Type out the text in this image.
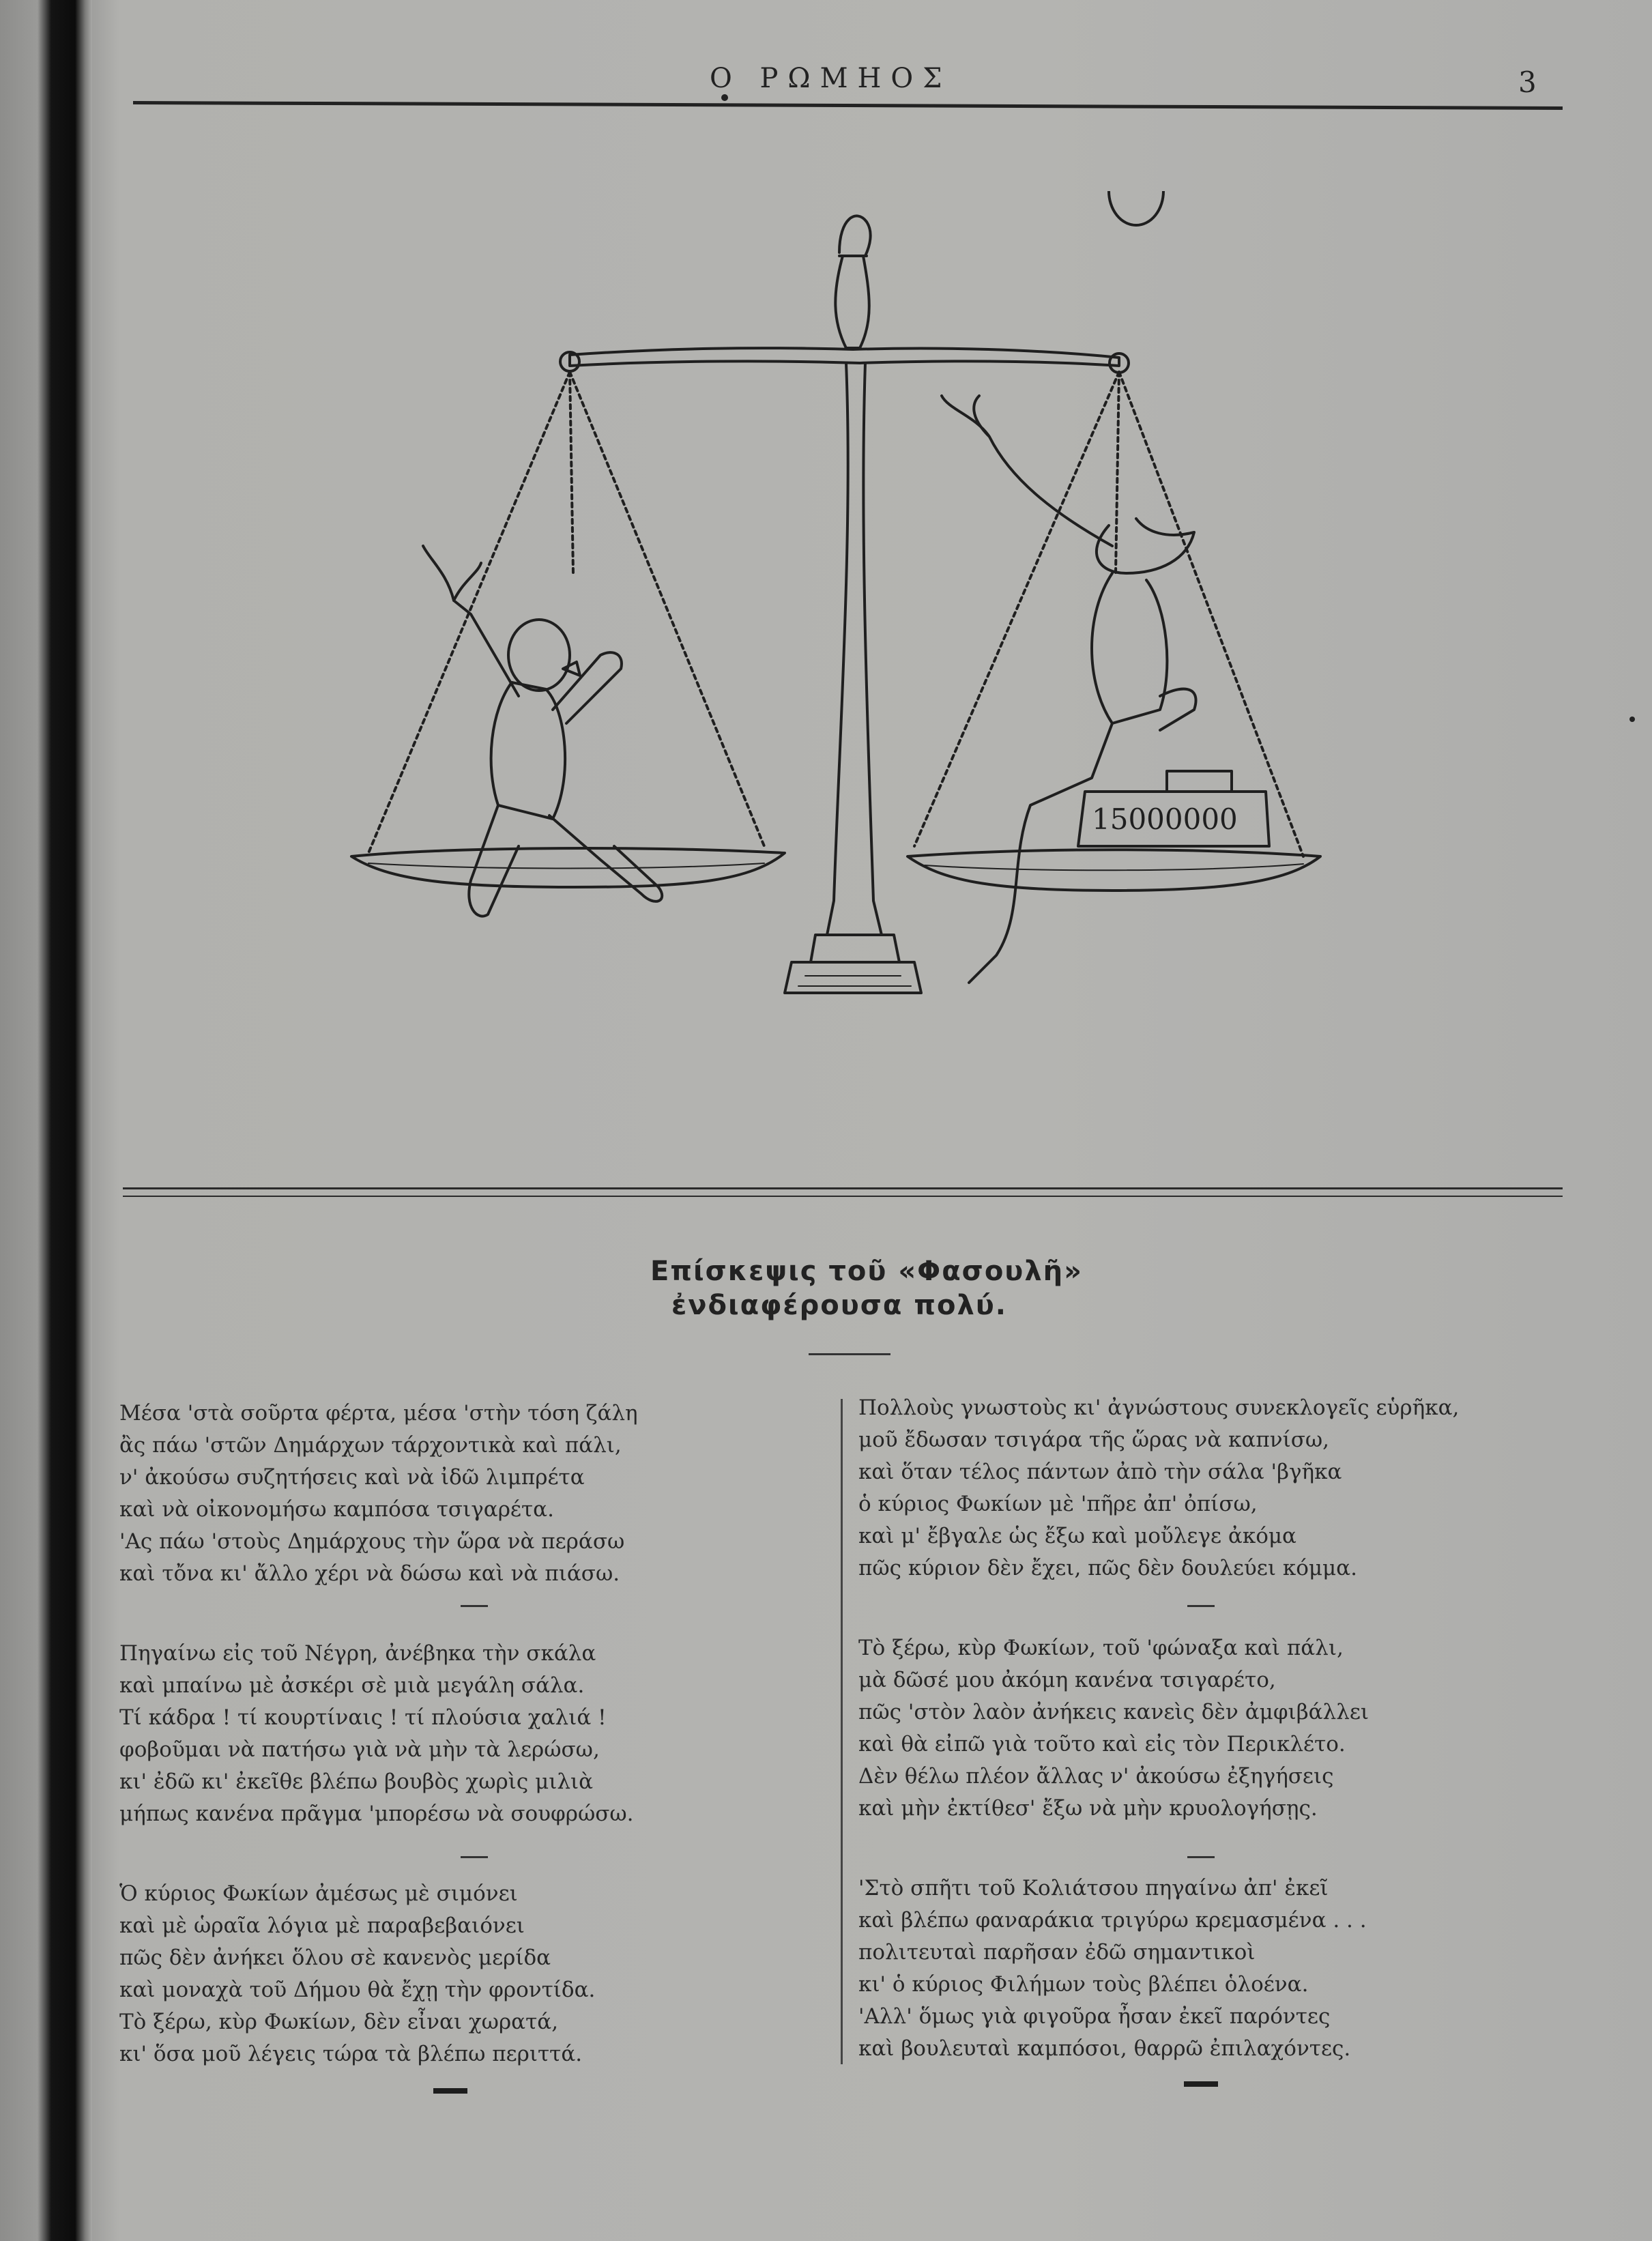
Ο ΡΩΜΗΟΣ	3
15000000
Επίσκεψις τοῦ «Φασουλῆ»
ἐνδιαφέρουσα πολύ.
Μέσα 'στὰ σοῦρτα φέρτα, μέσα 'στὴν τόση ζάλη
ἂς πάω 'στῶν Δημάρχων τάρχοντικὰ καὶ πάλι,
ν' ἀκούσω συζητήσεις καὶ νὰ ἰδῶ λιμπρέτα
καὶ νὰ οἰκονομήσω καμπόσα τσιγαρέτα.
'Ας πάω 'στοὺς Δημάρχους τὴν ὥρα νὰ περάσω
καὶ τὄνα κι' ἄλλο χέρι νὰ δώσω καὶ νὰ πιάσω.
Πηγαίνω εἰς τοῦ Νέγρη, ἀνέβηκα τὴν σκάλα
καὶ μπαίνω μὲ ἀσκέρι σὲ μιὰ μεγάλη σάλα.
Τί κάδρα ! τί κουρτίναις ! τί πλούσια χαλιά !
φοβοῦμαι νὰ πατήσω γιὰ νὰ μὴν τὰ λερώσω,
κι' ἐδῶ κι' ἐκεῖθε βλέπω βουβὸς χωρὶς μιλιὰ
μήπως κανένα πρᾶγμα 'μπορέσω νὰ σουφρώσω.
Ὁ κύριος Φωκίων ἀμέσως μὲ σιμόνει
καὶ μὲ ὡραῖα λόγια μὲ παραβεβαιόνει
πῶς δὲν ἀνήκει ὅλου σὲ κανενὸς μερίδα
καὶ μοναχὰ τοῦ Δήμου θὰ ἔχῃ τὴν φροντίδα.
Τὸ ξέρω, κὺρ Φωκίων, δὲν εἶναι χωρατά,
κι' ὅσα μοῦ λέγεις τώρα τὰ βλέπω περιττά.
Πολλοὺς γνωστοὺς κι' ἀγνώστους συνεκλογεῖς εὑρῆκα,
μοῦ ἔδωσαν τσιγάρα τῆς ὥρας νὰ καπνίσω,
καὶ ὅταν τέλος πάντων ἀπὸ τὴν σάλα 'βγῆκα
ὁ κύριος Φωκίων μὲ 'πῆρε ἀπ' ὀπίσω,
καὶ μ' ἔβγαλε ὡς ἔξω καὶ μοὔλεγε ἀκόμα
πῶς κύριον δὲν ἔχει, πῶς δὲν δουλεύει κόμμα.
Τὸ ξέρω, κὺρ Φωκίων, τοῦ 'φώναξα καὶ πάλι,
μὰ δῶσέ μου ἀκόμη κανένα τσιγαρέτο,
πῶς 'στὸν λαὸν ἀνήκεις κανεὶς δὲν ἀμφιβάλλει
καὶ θὰ εἰπῶ γιὰ τοῦτο καὶ εἰς τὸν Περικλέτο.
Δὲν θέλω πλέον ἄλλας ν' ἀκούσω ἐξηγήσεις
καὶ μὴν ἐκτίθεσ' ἔξω νὰ μὴν κρυολογήσῃς.
'Στὸ σπῆτι τοῦ Κολιάτσου πηγαίνω ἀπ' ἐκεῖ
καὶ βλέπω φαναράκια τριγύρω κρεμασμένα . . .
πολιτευταὶ παρῆσαν ἐδῶ σημαντικοὶ
κι' ὁ κύριος Φιλήμων τοὺς βλέπει ὁλοένα.
'Αλλ' ὅμως γιὰ φιγοῦρα ἦσαν ἐκεῖ παρόντες
καὶ βουλευταὶ καμπόσοι, θαρρῶ ἐπιλαχόντες.
